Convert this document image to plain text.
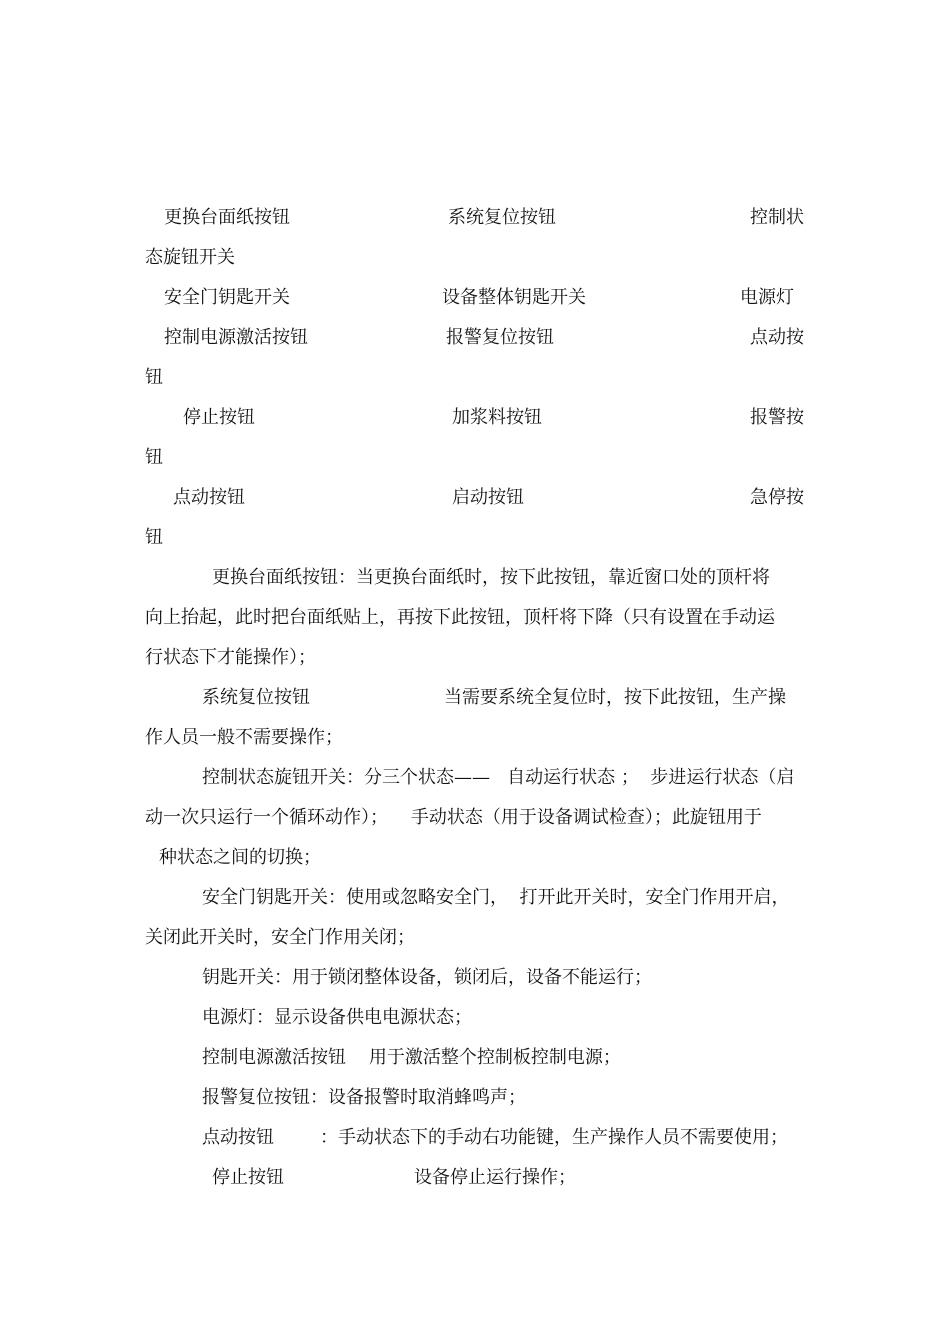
更换台面纸按钮	系统复位按钮	控制状
态旋钮开关
安全门钥匙开关	设备整体钥匙开关	电源灯
控制电源激活按钮	报警复位按钮	点动按
钮
停止按钮	加浆料按钮	报警按
钮
点动按钮	启动按钮	急停按
钮
更换台面纸按钮：当更换台面纸时，按下此按钮，靠近窗口处的顶杆将
向上抬起，此时把台面纸贴上，再按下此按钮，顶杆将下降（只有设置在手动运
行状态下才能操作）；
系统复位按钮	当需要系统全复位时，按下此按钮，生产操
作人员一般不需要操作；
控制状态旋钮开关：分三个状态——   自动运行状态 ；  步进运行状态（启
动一次只运行一个循环动作）；    手动状态（用于设备调试检查）；此旋钮用于
种状态之间的切换；
安全门钥匙开关：使用或忽略安全门，  打开此开关时，安全门作用开启，
关闭此开关时，安全门作用关闭；
钥匙开关：用于锁闭整体设备，锁闭后，设备不能运行；
电源灯：显示设备供电电源状态；
控制电源激活按钮    用于激活整个控制板控制电源；
报警复位按钮：设备报警时取消蜂鸣声；
点动按钮	：手动状态下的手动右功能键，生产操作人员不需要使用；
停止按钮	设备停止运行操作；
